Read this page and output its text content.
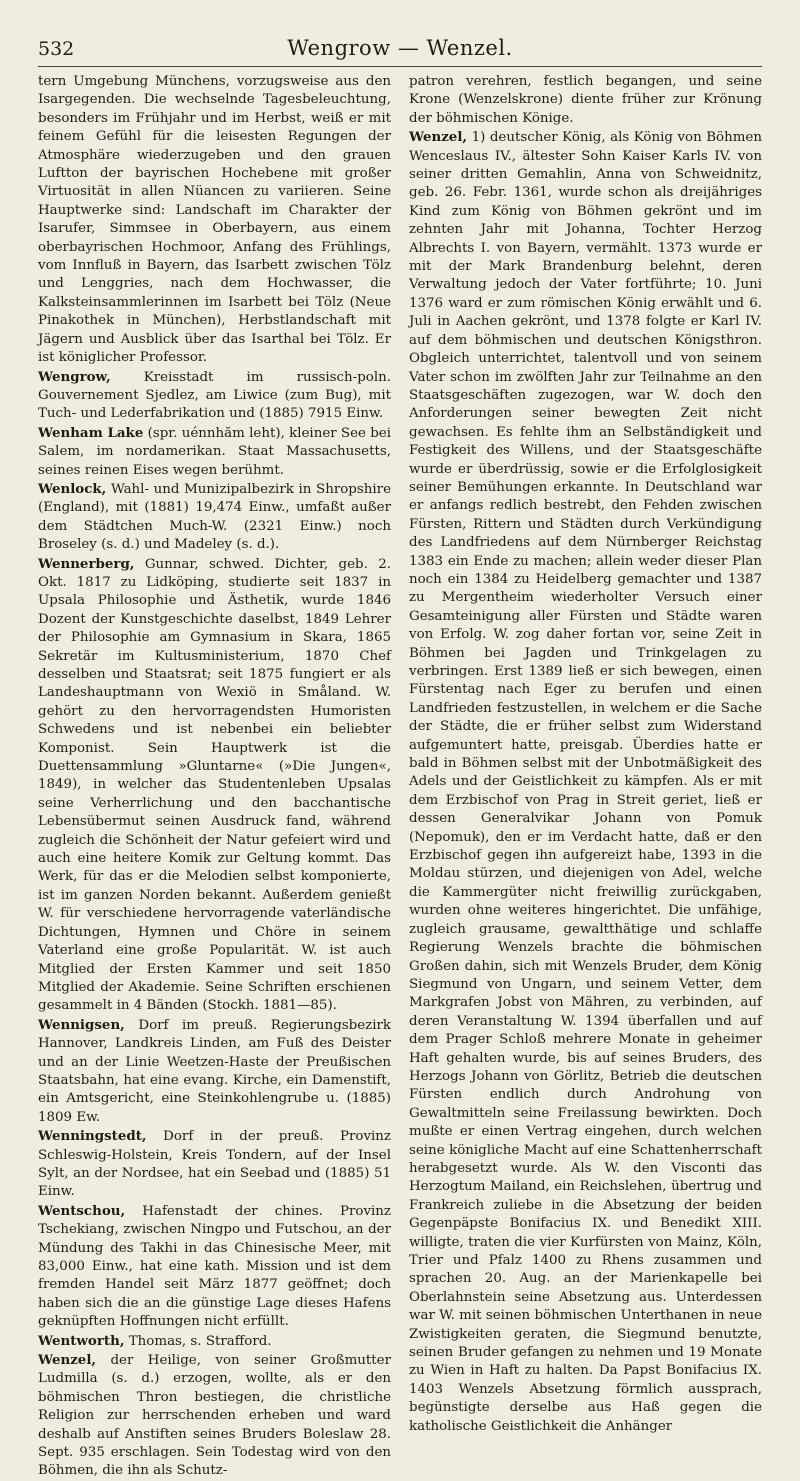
532	Wengrow — Wenzel.

tern Umgebung Münchens, vorzugsweise aus den Isargegenden. Die wechselnde Tagesbeleuchtung, besonders im Frühjahr und im Herbst, weiß er mit feinem Gefühl für die leisesten Regungen der Atmosphäre wiederzugeben und den grauen Luftton der bayrischen Hochebene mit großer Virtuosität in allen Nüancen zu variieren. Seine Hauptwerke sind: Landschaft im Charakter der Isarufer, Simmsee in Oberbayern, aus einem oberbayrischen Hochmoor, Anfang des Frühlings, vom Innfluß in Bayern, das Isarbett zwischen Tölz und Lenggries, nach dem Hochwasser, die Kalksteinsammlerinnen im Isarbett bei Tölz (Neue Pinakothek in München), Herbstlandschaft mit Jägern und Ausblick über das Isarthal bei Tölz. Er ist königlicher Professor.

Wengrow, Kreisstadt im russisch-poln. Gouvernement Sjedlez, am Liwice (zum Bug), mit Tuch- und Lederfabrikation und (1885) 7915 Einw.

Wenham Lake (spr. uénnhăm leht), kleiner See bei Salem, im nordamerikan. Staat Massachusetts, seines reinen Eises wegen berühmt.

Wenlock, Wahl- und Munizipalbezirk in Shropshire (England), mit (1881) 19,474 Einw., umfaßt außer dem Städtchen Much-W. (2321 Einw.) noch Broseley (s. d.) und Madeley (s. d.).

Wennerberg, Gunnar, schwed. Dichter, geb. 2. Okt. 1817 zu Lidköping, studierte seit 1837 in Upsala Philosophie und Ästhetik, wurde 1846 Dozent der Kunstgeschichte daselbst, 1849 Lehrer der Philosophie am Gymnasium in Skara, 1865 Sekretär im Kultusministerium, 1870 Chef desselben und Staatsrat; seit 1875 fungiert er als Landeshauptmann von Wexiö in Småland. W. gehört zu den hervorragendsten Humoristen Schwedens und ist nebenbei ein beliebter Komponist. Sein Hauptwerk ist die Duettensammlung »Gluntarne« (»Die Jungen«, 1849), in welcher das Studentenleben Upsalas seine Verherrlichung und den bacchantische Lebensübermut seinen Ausdruck fand, während zugleich die Schönheit der Natur gefeiert wird und auch eine heitere Komik zur Geltung kommt. Das Werk, für das er die Melodien selbst komponierte, ist im ganzen Norden bekannt. Außerdem genießt W. für verschiedene hervorragende vaterländische Dichtungen, Hymnen und Chöre in seinem Vaterland eine große Popularität. W. ist auch Mitglied der Ersten Kammer und seit 1850 Mitglied der Akademie. Seine Schriften erschienen gesammelt in 4 Bänden (Stockh. 1881—85).

Wennigsen, Dorf im preuß. Regierungsbezirk Hannover, Landkreis Linden, am Fuß des Deister und an der Linie Weetzen-Haste der Preußischen Staatsbahn, hat eine evang. Kirche, ein Damenstift, ein Amtsgericht, eine Steinkohlengrube u. (1885) 1809 Ew.

Wenningstedt, Dorf in der preuß. Provinz Schleswig-Holstein, Kreis Tondern, auf der Insel Sylt, an der Nordsee, hat ein Seebad und (1885) 51 Einw.

Wentschou, Hafenstadt der chines. Provinz Tschekiang, zwischen Ningpo und Futschou, an der Mündung des Takhi in das Chinesische Meer, mit 83,000 Einw., hat eine kath. Mission und ist dem fremden Handel seit März 1877 geöffnet; doch haben sich die an die günstige Lage dieses Hafens geknüpften Hoffnungen nicht erfüllt.

Wentworth, Thomas, s. Strafford.

Wenzel, der Heilige, von seiner Großmutter Ludmilla (s. d.) erzogen, wollte, als er den böhmischen Thron bestiegen, die christliche Religion zur herrschenden erheben und ward deshalb auf Anstiften seines Bruders Boleslaw 28. Sept. 935 erschlagen. Sein Todestag wird von den Böhmen, die ihn als Schutz-

patron verehren, festlich begangen, und seine Krone (Wenzelskrone) diente früher zur Krönung der böhmischen Könige.

Wenzel, 1) deutscher König, als König von Böhmen Wenceslaus IV., ältester Sohn Kaiser Karls IV. von seiner dritten Gemahlin, Anna von Schweidnitz, geb. 26. Febr. 1361, wurde schon als dreijähriges Kind zum König von Böhmen gekrönt und im zehnten Jahr mit Johanna, Tochter Herzog Albrechts I. von Bayern, vermählt. 1373 wurde er mit der Mark Brandenburg belehnt, deren Verwaltung jedoch der Vater fortführte; 10. Juni 1376 ward er zum römischen König erwählt und 6. Juli in Aachen gekrönt, und 1378 folgte er Karl IV. auf dem böhmischen und deutschen Königsthron. Obgleich unterrichtet, talentvoll und von seinem Vater schon im zwölften Jahr zur Teilnahme an den Staatsgeschäften zugezogen, war W. doch den Anforderungen seiner bewegten Zeit nicht gewachsen. Es fehlte ihm an Selbständigkeit und Festigkeit des Willens, und der Staatsgeschäfte wurde er überdrüssig, sowie er die Erfolglosigkeit seiner Bemühungen erkannte. In Deutschland war er anfangs redlich bestrebt, den Fehden zwischen Fürsten, Rittern und Städten durch Verkündigung des Landfriedens auf dem Nürnberger Reichstag 1383 ein Ende zu machen; allein weder dieser Plan noch ein 1384 zu Heidelberg gemachter und 1387 zu Mergentheim wiederholter Versuch einer Gesamteinigung aller Fürsten und Städte waren von Erfolg. W. zog daher fortan vor, seine Zeit in Böhmen bei Jagden und Trinkgelagen zu verbringen. Erst 1389 ließ er sich bewegen, einen Fürstentag nach Eger zu berufen und einen Landfrieden festzustellen, in welchem er die Sache der Städte, die er früher selbst zum Widerstand aufgemuntert hatte, preisgab. Überdies hatte er bald in Böhmen selbst mit der Unbotmäßigkeit des Adels und der Geistlichkeit zu kämpfen. Als er mit dem Erzbischof von Prag in Streit geriet, ließ er dessen Generalvikar Johann von Pomuk (Nepomuk), den er im Verdacht hatte, daß er den Erzbischof gegen ihn aufgereizt habe, 1393 in die Moldau stürzen, und diejenigen von Adel, welche die Kammergüter nicht freiwillig zurückgaben, wurden ohne weiteres hingerichtet. Die unfähige, zugleich grausame, gewaltthätige und schlaffe Regierung Wenzels brachte die böhmischen Großen dahin, sich mit Wenzels Bruder, dem König Siegmund von Ungarn, und seinem Vetter, dem Markgrafen Jobst von Mähren, zu verbinden, auf deren Veranstaltung W. 1394 überfallen und auf dem Prager Schloß mehrere Monate in geheimer Haft gehalten wurde, bis auf seines Bruders, des Herzogs Johann von Görlitz, Betrieb die deutschen Fürsten endlich durch Androhung von Gewaltmitteln seine Freilassung bewirkten. Doch mußte er einen Vertrag eingehen, durch welchen seine königliche Macht auf eine Schattenherrschaft herabgesetzt wurde. Als W. den Visconti das Herzogtum Mailand, ein Reichslehen, übertrug und Frankreich zuliebe in die Absetzung der beiden Gegenpäpste Bonifacius IX. und Benedikt XIII. willigte, traten die vier Kurfürsten von Mainz, Köln, Trier und Pfalz 1400 zu Rhens zusammen und sprachen 20. Aug. an der Marienkapelle bei Oberlahnstein seine Absetzung aus. Unterdessen war W. mit seinen böhmischen Unterthanen in neue Zwistigkeiten geraten, die Siegmund benutzte, seinen Bruder gefangen zu nehmen und 19 Monate zu Wien in Haft zu halten. Da Papst Bonifacius IX. 1403 Wenzels Absetzung förmlich aussprach, begünstigte derselbe aus Haß gegen die katholische Geistlichkeit die Anhänger
